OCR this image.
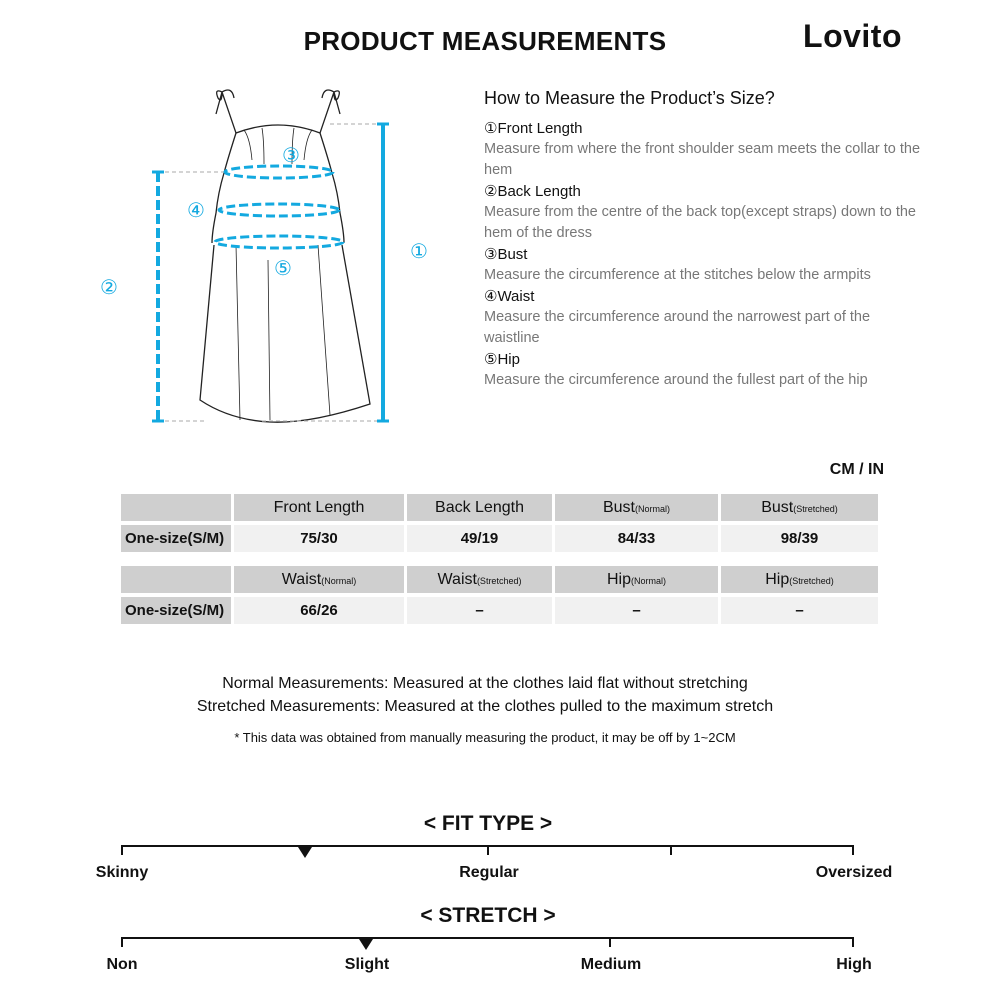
PRODUCT MEASUREMENTS	Lovito
①
②
③
④
⑤
How to Measure the Product’s Size?
①Front Length
Measure from where the front shoulder seam meets the collar to the hem
②Back Length
Measure from the centre of the back top(except straps) down to the hem of the dress
③Bust
Measure the circumference at the stitches below the armpits
④Waist
Measure the circumference around the narrowest part of the waistline
⑤Hip
Measure the circumference around the fullest part of the hip
CM / IN
	Front Length	Back Length	Bust(Normal)	Bust(Stretched)
One-size(S/M)	75/30	49/19	84/33	98/39
	Waist(Normal)	Waist(Stretched)	Hip(Normal)	Hip(Stretched)
One-size(S/M)	66/26	–	–	–
Normal Measurements: Measured at the clothes laid flat without stretching
Stretched Measurements: Measured at the clothes pulled to the maximum stretch
* This data was obtained from manually measuring the product, it may be off by 1~2CM
< FIT TYPE >
Skinny	Regular	Oversized
< STRETCH >
Non	Slight	Medium	High
